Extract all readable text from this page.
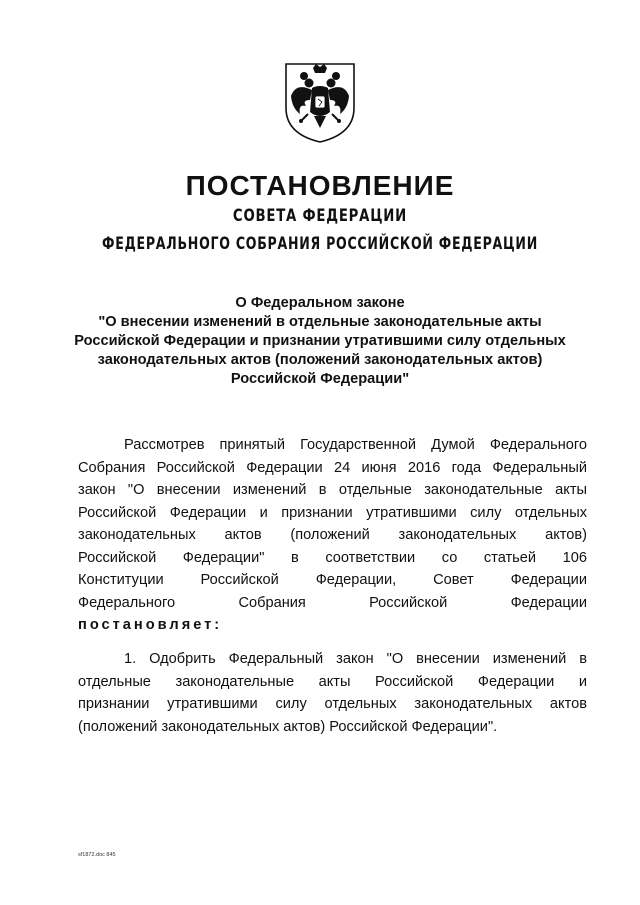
ПОСТАНОВЛЕНИЕ
СОВЕТА ФЕДЕРАЦИИ
ФЕДЕРАЛЬНОГО СОБРАНИЯ РОССИЙСКОЙ ФЕДЕРАЦИИ
О Федеральном законе
"О внесении изменений в отдельные законодательные акты
Российской Федерации и признании утратившими силу отдельных
законодательных актов (положений законодательных актов)
Российской Федерации"
Рассмотрев принятый Государственной Думой Федерального
Собрания Российской Федерации 24 июня 2016 года Федеральный
закон "О внесении изменений в отдельные законодательные акты
Российской Федерации и признании утратившими силу отдельных
законодательных актов (положений законодательных актов)
Российской Федерации" в соответствии со статьей 106
Конституции Российской Федерации, Совет Федерации
Федерального Собрания Российской Федерации
постановляет:
1. Одобрить Федеральный закон "О внесении изменений в
отдельные законодательные акты Российской Федерации и
признании утратившими силу отдельных законодательных актов
(положений законодательных актов) Российской Федерации".
sf1872.doc 845
